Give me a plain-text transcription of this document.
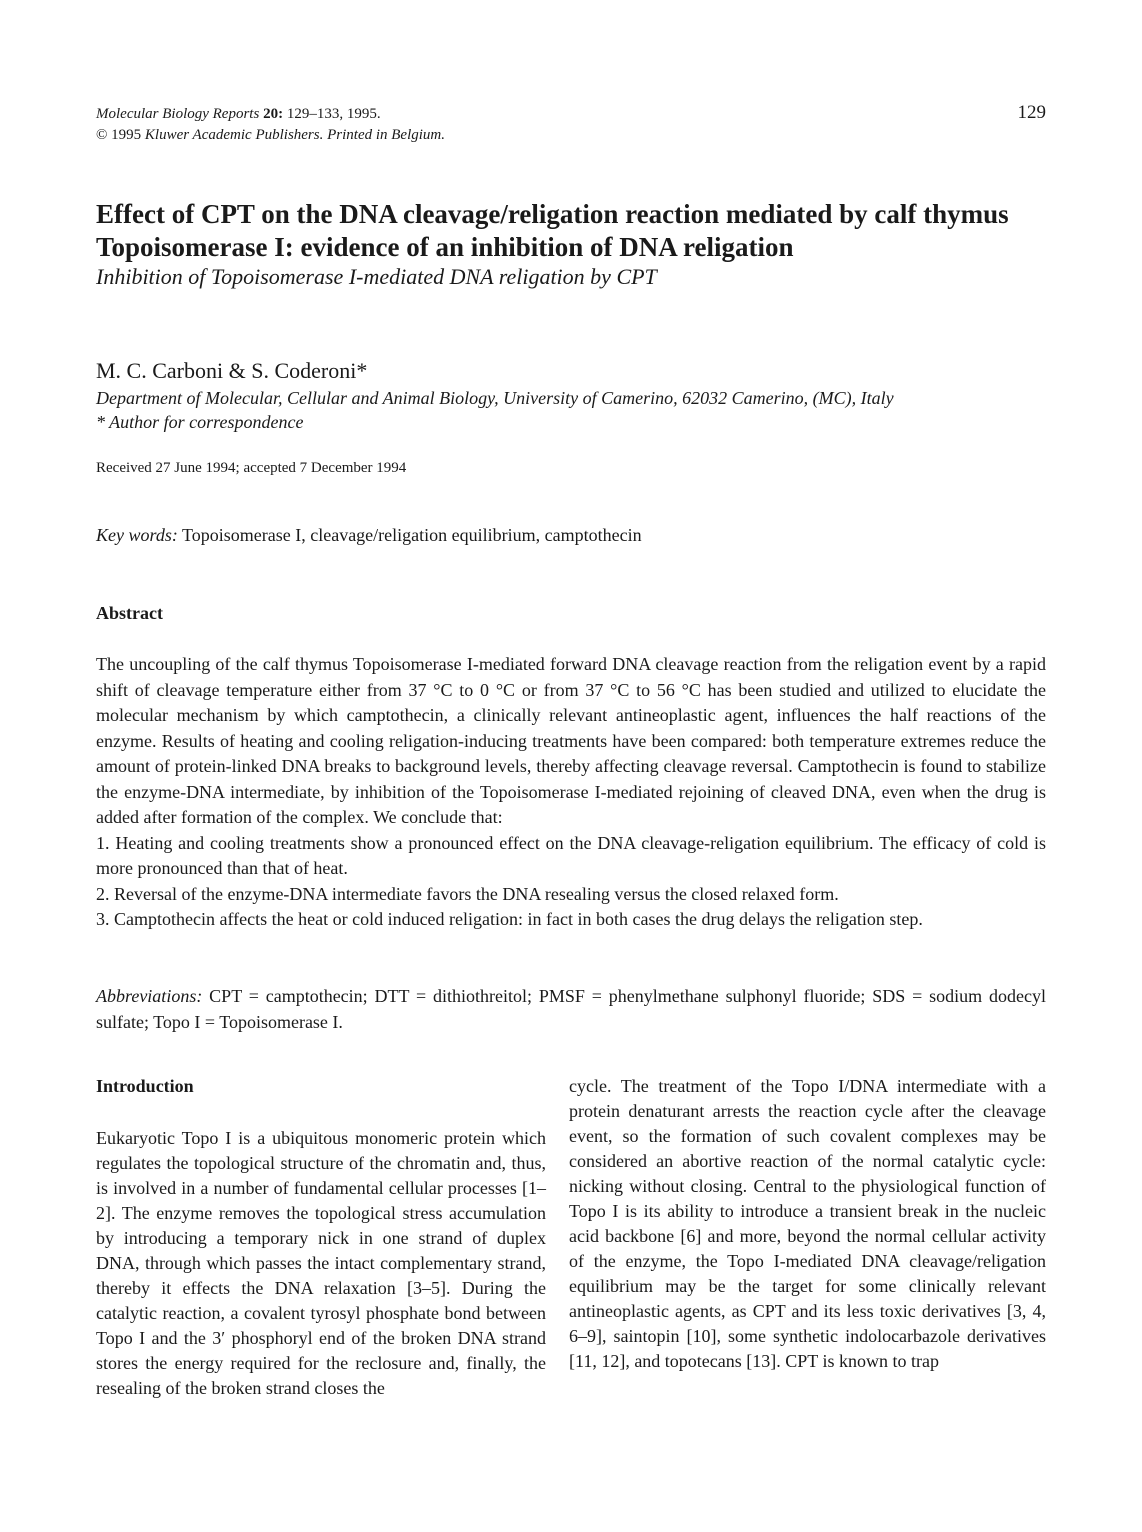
Molecular Biology Reports 20: 129–133, 1995.
© 1995 Kluwer Academic Publishers. Printed in Belgium.
129
Effect of CPT on the DNA cleavage/religation reaction mediated by calf thymus Topoisomerase I: evidence of an inhibition of DNA religation
Inhibition of Topoisomerase I-mediated DNA religation by CPT
M. C. Carboni & S. Coderoni*
Department of Molecular, Cellular and Animal Biology, University of Camerino, 62032 Camerino, (MC), Italy
* Author for correspondence
Received 27 June 1994; accepted 7 December 1994
Key words: Topoisomerase I, cleavage/religation equilibrium, camptothecin
Abstract

The uncoupling of the calf thymus Topoisomerase I-mediated forward DNA cleavage reaction from the religation event by a rapid shift of cleavage temperature either from 37 °C to 0 °C or from 37 °C to 56 °C has been studied and utilized to elucidate the molecular mechanism by which camptothecin, a clinically relevant antineoplastic agent, influences the half reactions of the enzyme. Results of heating and cooling religation-inducing treatments have been compared: both temperature extremes reduce the amount of protein-linked DNA breaks to background levels, thereby affecting cleavage reversal. Camptothecin is found to stabilize the enzyme-DNA intermediate, by inhibition of the Topoisomerase I-mediated rejoining of cleaved DNA, even when the drug is added after formation of the complex. We conclude that:

1. Heating and cooling treatments show a pronounced effect on the DNA cleavage-religation equilibrium. The efficacy of cold is more pronounced than that of heat.

2. Reversal of the enzyme-DNA intermediate favors the DNA resealing versus the closed relaxed form.

3. Camptothecin affects the heat or cold induced religation: in fact in both cases the drug delays the religation step.

Abbreviations: CPT = camptothecin; DTT = dithiothreitol; PMSF = phenylmethane sulphonyl fluoride; SDS = sodium dodecyl sulfate; Topo I = Topoisomerase I.
Introduction
Eukaryotic Topo I is a ubiquitous monomeric protein which regulates the topological structure of the chromatin and, thus, is involved in a number of fundamental cellular processes [1–2]. The enzyme removes the topological stress accumulation by introducing a temporary nick in one strand of duplex DNA, through which passes the intact complementary strand, thereby it effects the DNA relaxation [3–5]. During the catalytic reaction, a covalent tyrosyl phosphate bond between Topo I and the 3′ phosphoryl end of the broken DNA strand stores the energy required for the reclosure and, finally, the resealing of the broken strand closes the
cycle. The treatment of the Topo I/DNA intermediate with a protein denaturant arrests the reaction cycle after the cleavage event, so the formation of such covalent complexes may be considered an abortive reaction of the normal catalytic cycle: nicking without closing. Central to the physiological function of Topo I is its ability to introduce a transient break in the nucleic acid backbone [6] and more, beyond the normal cellular activity of the enzyme, the Topo I-mediated DNA cleavage/religation equilibrium may be the target for some clinically relevant antineoplastic agents, as CPT and its less toxic derivatives [3, 4, 6–9], saintopin [10], some synthetic indolocarbazole derivatives [11, 12], and topotecans [13]. CPT is known to trap
